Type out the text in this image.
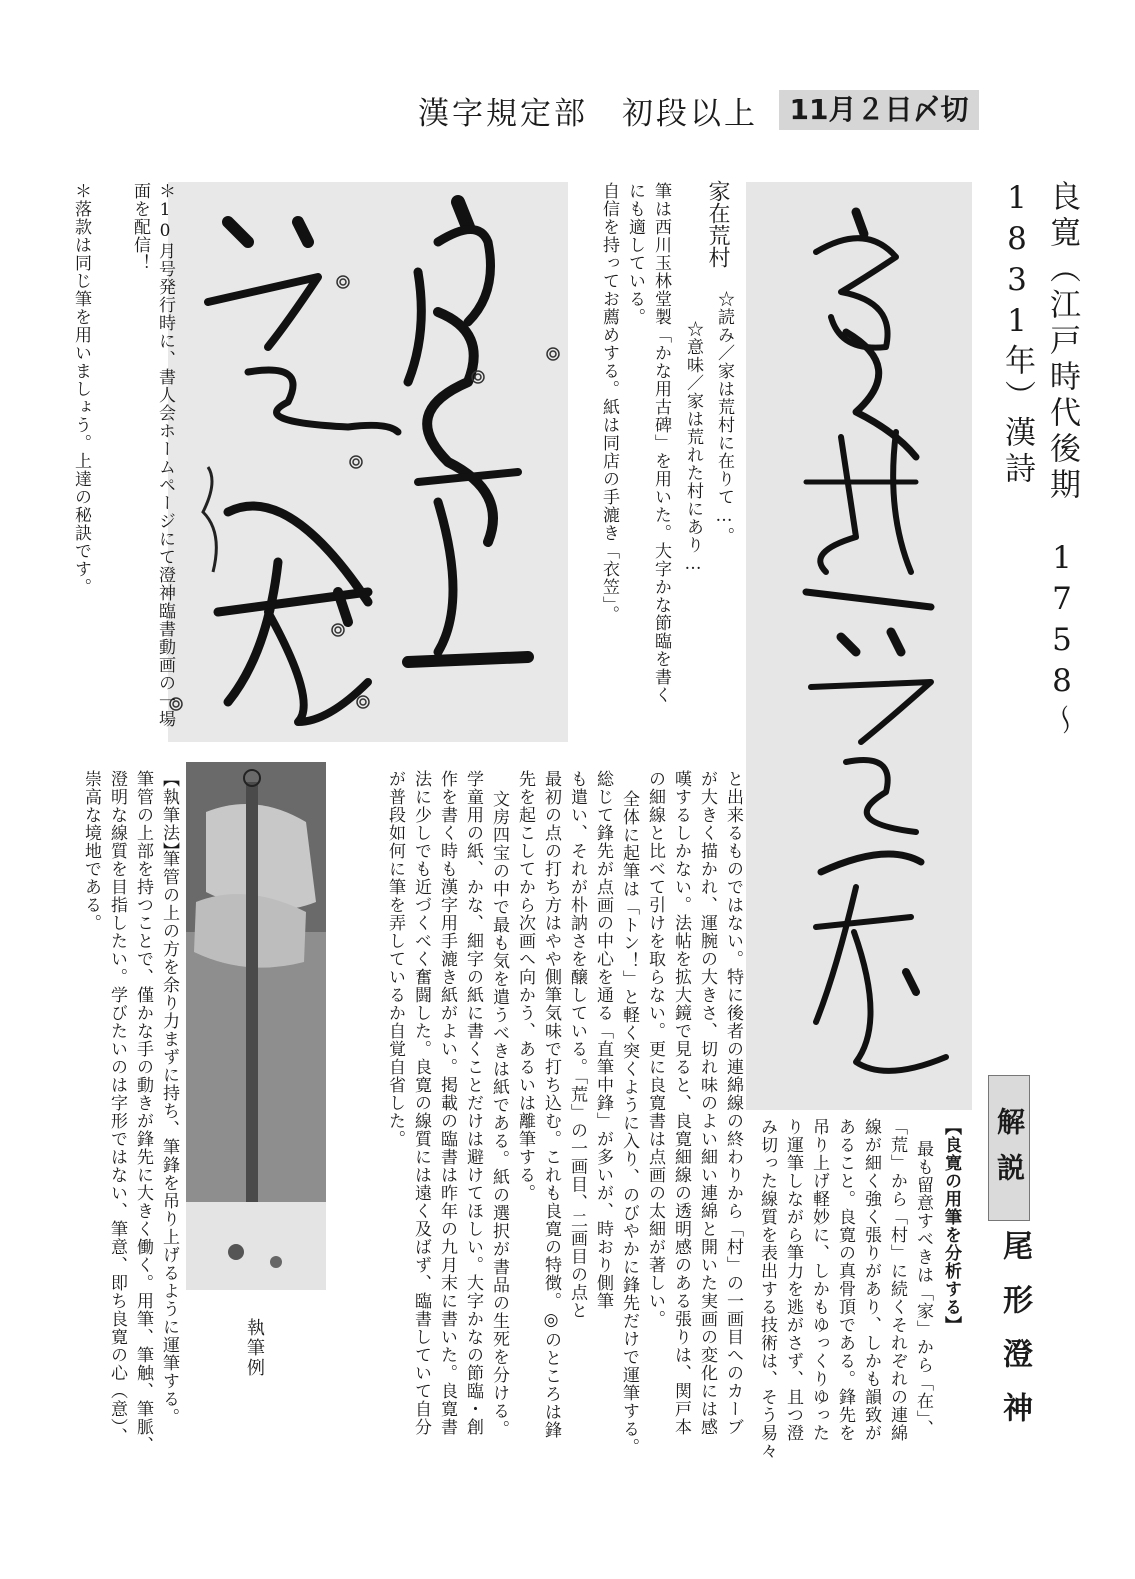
漢字規定部　初段以上	11月２日〆切
良寛（江戸時代後期　1758～1831年）漢詩
家在荒村
☆読み／家は荒村に在りて…。
☆意味／家は荒れた村にあり…
筆は西川玉林堂製「かな用古碑」を用いた。大字かな節臨を書く
にも適している。
自信を持ってお薦めする。紙は同店の手漉き「衣笠」。
＊10月号発行時に、書人会ホームページにて澄神臨書動画の一場面を配信！
＊落款は同じ筆を用いましょう。上達の秘訣です。
解説
尾形澄神
【良寛の用筆を分析する】
最も留意すべきは「家」から「在」、
「荒」から「村」に続くそれぞれの連綿
線が細く強く張りがあり、しかも韻致が
あること。良寛の真骨頂である。鋒先を
吊り上げ軽妙に、しかもゆっくりゆった
り運筆しながら筆力を逃がさず、且つ澄
み切った線質を表出する技術は、そう易々
と出来るものではない。特に後者の連綿線の終わりから「村」の一画目へのカーブ
が大きく描かれ、運腕の大きさ、切れ味のよい細い連綿と開いた実画の変化には感
嘆するしかない。法帖を拡大鏡で見ると、良寛細線の透明感のある張りは、関戸本
の細線と比べて引けを取らない。更に良寛書は点画の太細が著しい。
全体に起筆は「トン！」と軽く突くように入り、のびやかに鋒先だけで運筆する。
総じて鋒先が点画の中心を通る「直筆中鋒」が多いが、時おり側筆
も遣い、それが朴訥さを醸している。「荒」の一画目、二画目の点と
最初の点の打ち方はやや側筆気味で打ち込む。これも良寛の特徴。◎のところは鋒
先を起こしてから次画へ向かう、あるいは離筆する。
文房四宝の中で最も気を遣うべきは紙である。紙の選択が書品の生死を分ける。
学童用の紙、かな、細字の紙に書くことだけは避けてほしい。大字かなの節臨・創
作を書く時も漢字用手漉き紙がよい。掲載の臨書は昨年の九月末に書いた。良寛書
法に少しでも近づくべく奮闘した。良寛の線質には遠く及ばず、臨書していて自分
が普段如何に筆を弄しているか自覚自省した。
【執筆法】
筆管の上の方を余り力まずに持ち、筆鋒を吊り上げるように運筆する。
筆管の上部を持つことで、僅かな手の動きが鋒先に大きく働く。用筆、筆触、筆脈、
澄明な線質を目指したい。学びたいのは字形ではない、筆意、即ち良寛の心（意）、
崇高な境地である。
執筆例
